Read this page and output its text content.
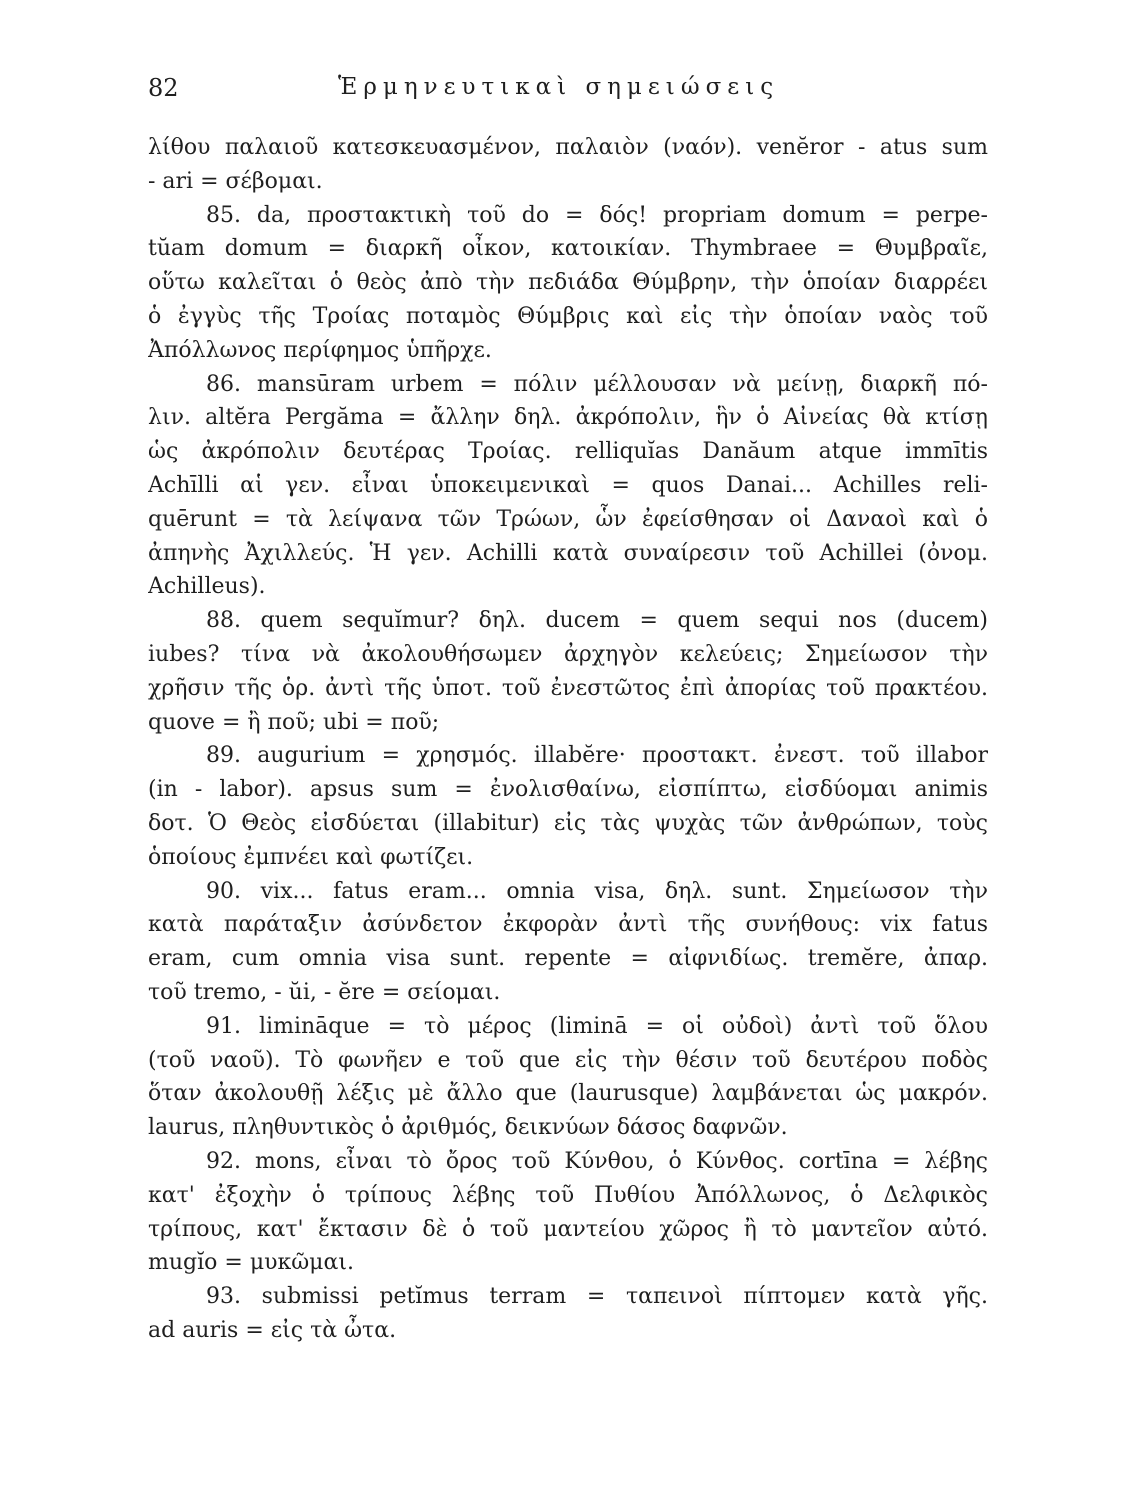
82	Ἑρμηνευτικαὶ σημειώσεις
λίθου παλαιοῦ κατεσκευασμένον, παλαιὸν (ναόν). venĕror - atus sum
- ari = σέβομαι.
85. da, προστακτικὴ τοῦ do = δός! propriam domum = perpe-
tŭam domum = διαρκῆ οἶκον, κατοικίαν. Thymbraee = Θυμβραῖε,
οὕτω καλεῖται ὁ θεὸς ἀπὸ τὴν πεδιάδα Θύμβρην, τὴν ὁποίαν διαρρέει
ὁ ἐγγὺς τῆς Τροίας ποταμὸς Θύμβρις καὶ εἰς τὴν ὁποίαν ναὸς τοῦ
Ἀπόλλωνος περίφημος ὑπῆρχε.
86. mansūram urbem = πόλιν μέλλουσαν νὰ μείνῃ, διαρκῆ πό-
λιν. altĕra Pergăma = ἄλλην δηλ. ἀκρόπολιν, ἣν ὁ Αἰνείας θὰ κτίσῃ
ὡς ἀκρόπολιν δευτέρας Τροίας. relliquĭas Danăum atque immītis
Achīlli αἱ γεν. εἶναι ὑποκειμενικαὶ = quos Danai... Achilles reli-
quērunt = τὰ λείψανα τῶν Τρώων, ὧν ἐφείσθησαν οἱ Δαναοὶ καὶ ὁ
ἀπηνὴς Ἀχιλλεύς. Ἡ γεν. Achilli κατὰ συναίρεσιν τοῦ Achillei (ὀνομ.
Achilleus).
88. quem sequĭmur? δηλ. ducem = quem sequi nos (ducem)
iubes? τίνα νὰ ἀκολουθήσωμεν ἀρχηγὸν κελεύεις; Σημείωσον τὴν
χρῆσιν τῆς ὁρ. ἀντὶ τῆς ὑποτ. τοῦ ἐνεστῶτος ἐπὶ ἀπορίας τοῦ πρακτέου.
quove = ἢ ποῦ; ubi = ποῦ;
89. augurium = χρησμός. illabĕre· προστακτ. ἐνεστ. τοῦ illabor
(in - labor). apsus sum = ἐνολισθαίνω, εἰσπίπτω, εἰσδύομαι animis
δοτ. Ὁ Θεὸς εἰσδύεται (illabitur) εἰς τὰς ψυχὰς τῶν ἀνθρώπων, τοὺς
ὁποίους ἐμπνέει καὶ φωτίζει.
90. vix... fatus eram... omnia visa, δηλ. sunt. Σημείωσον τὴν
κατὰ παράταξιν ἀσύνδετον ἐκφορὰν ἀντὶ τῆς συνήθους: vix fatus
eram, cum omnia visa sunt. repente = αἰφνιδίως. tremĕre, ἀπαρ.
τοῦ tremo, - ŭi, - ĕre = σείομαι.
91. limināque = τὸ μέρος (liminā = οἱ οὐδοὶ) ἀντὶ τοῦ ὅλου
(τοῦ ναοῦ). Τὸ φωνῆεν e τοῦ que εἰς τὴν θέσιν τοῦ δευτέρου ποδὸς
ὅταν ἀκολουθῇ λέξις μὲ ἄλλο que (laurusque) λαμβάνεται ὡς μακρόν.
laurus, πληθυντικὸς ὁ ἀριθμός, δεικνύων δάσος δαφνῶν.
92. mons, εἶναι τὸ ὄρος τοῦ Κύνθου, ὁ Κύνθος. cortīna = λέβης
κατ' ἐξοχὴν ὁ τρίπους λέβης τοῦ Πυθίου Ἀπόλλωνος, ὁ Δελφικὸς
τρίπους, κατ' ἔκτασιν δὲ ὁ τοῦ μαντείου χῶρος ἢ τὸ μαντεῖον αὐτό.
mugĭo = μυκῶμαι.
93. submissi petĭmus terram = ταπεινοὶ πίπτομεν κατὰ γῆς.
ad auris = εἰς τὰ ὦτα.
